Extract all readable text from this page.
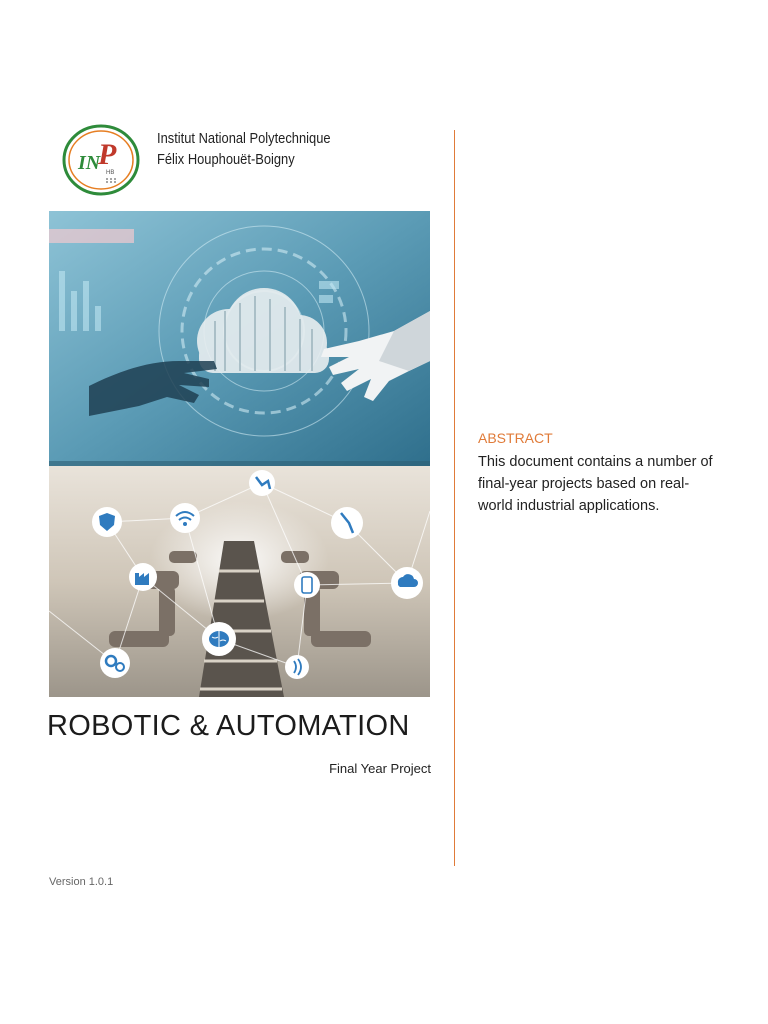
IN
P
HB
Institut National Polytechnique
Félix Houphouët-Boigny
ROBOTIC & AUTOMATION
Final Year Project
Version 1.0.1
ABSTRACT
This document contains a number of final-year projects based on real-world industrial applications.
